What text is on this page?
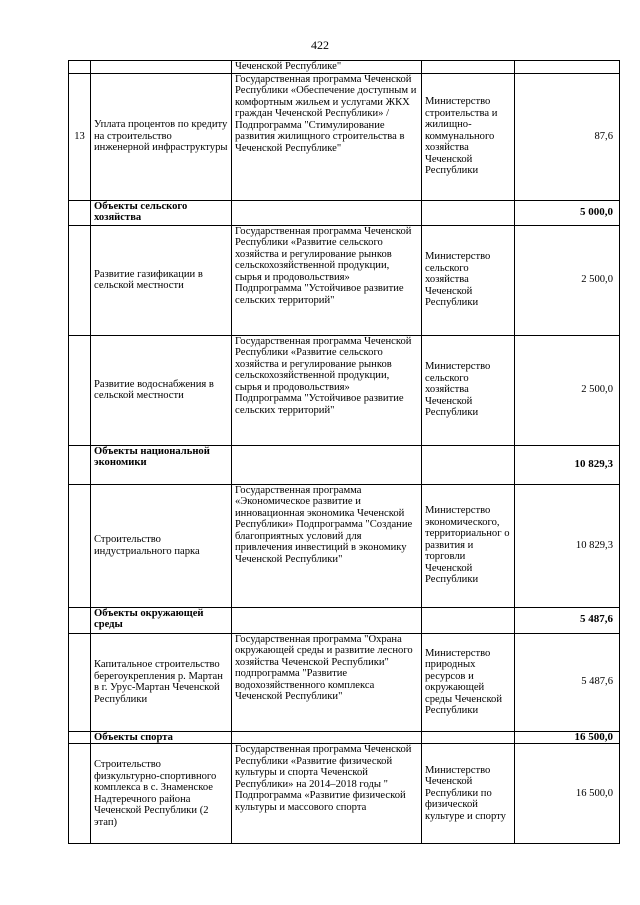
422
		Чеченской Республике"		
13	Уплата процентов по кредиту на строительство инженерной инфраструктуры	Государственная программа Чеченской Республики «Обеспечение доступным и комфортным жильем и услугами ЖКХ граждан Чеченской Республики» / Подпрограмма "Стимулирование развития жилищного строительства в Чеченской Республике"	Министерство строительства и жилищно-коммунального хозяйства Чеченской Республики	87,6
	Объекты сельского хозяйства			5 000,0
	Развитие газификации в сельской местности	Государственная программа Чеченской Республики «Развитие сельского хозяйства и регулирование рынков сельскохозяйственной продукции, сырья и продовольствия» Подпрограмма "Устойчивое развитие сельских территорий"	Министерство сельского хозяйства Чеченской Республики	2 500,0
	Развитие водоснабжения в сельской местности	Государственная программа Чеченской Республики «Развитие сельского хозяйства и регулирование рынков сельскохозяйственной продукции, сырья и продовольствия» Подпрограмма "Устойчивое развитие сельских территорий"	Министерство сельского хозяйства Чеченской Республики	2 500,0
	Объекты национальной экономики			10 829,3
	Строительство индустриального парка	Государственная программа «Экономическое развитие и инновационная экономика Чеченской Республики» Подпрограмма "Создание благоприятных условий для привлечения инвестиций в экономику Чеченской Республики"	Министерство экономического, территориальног о развития и торговли Чеченской Республики	10 829,3
	Объекты окружающей среды			5 487,6
	Капитальное строительство берегоукрепления р. Мартан в г. Урус-Мартан Чеченской Республики	Государственная программа "Охрана окружающей среды и развитие лесного хозяйства Чеченской Республики" подпрограмма "Развитие водохозяйственного комплекса Чеченской Республики"	Министерство природных ресурсов и окружающей среды Чеченской Республики	5 487,6
	Объекты спорта			16 500,0
	Строительство физкультурно-спортивного комплекса в с. Знаменское Надтеречного района Чеченской Республики (2 этап)	Государственная программа Чеченской Республики «Развитие физической культуры и спорта Чеченской Республики» на 2014–2018 годы " Подпрограмма «Развитие физической культуры и массового спорта	Министерство Чеченской Республики по физической культуре и спорту	16 500,0
